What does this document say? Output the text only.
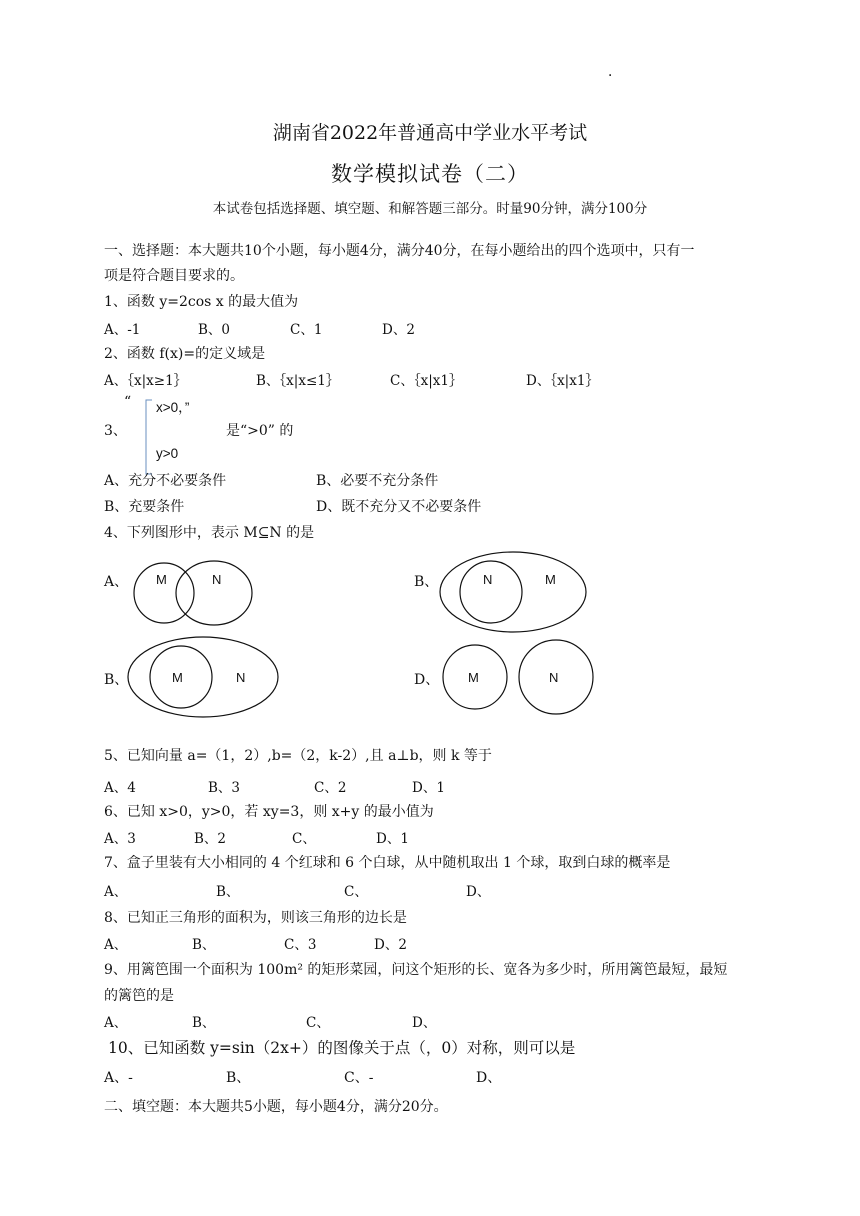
.
湖南省2022年普通高中学业水平考试
数学模拟试卷（二）
本试卷包括选择题、填空题、和解答题三部分。时量90分钟，满分100分
一、选择题：本大题共10个小题，每小题4分，满分40分，在每小题给出的四个选项中，只有一
项是符合题目要求的。
1、函数 y=2cos x 的最大值为
A、-1	B、0	C、1	D、2
2、函数 f(x)=的定义域是
A、｛x|x≥1｝	B、｛x|x≤1｝	C、｛x|x1｝	D、｛x|x1｝
“ x>0，”
3、	是“>0” 的
y>0
A、充分不必要条件	B、必要不充分条件
B、充要条件	D、既不充分又不必要条件
4、下列图形中，表示 M⊆N 的是
A、	B、
B、	D、
M	N	N	M
M	N	M	N
5、已知向量 a=（1，2）,b=（2，k-2）,且 a⊥b，则 k 等于
A、4	B、3	C、2	D、1
6、已知 x>0，y>0，若 xy=3，则 x+y 的最小值为
A、3	B、2	C、	D、1
7、盒子里装有大小相同的 4 个红球和 6 个白球，从中随机取出 1 个球，取到白球的概率是
A、	B、	C、	D、
8、已知正三角形的面积为，则该三角形的边长是
A、	B、	C、3	D、2
9、用篱笆围一个面积为 100m² 的矩形菜园，问这个矩形的长、宽各为多少时，所用篱笆最短，最短
的篱笆的是
A、	B、	C、	D、
10、已知函数 y=sin（2x+）的图像关于点（，0）对称，则可以是
A、-	B、	C、-	D、
二、填空题：本大题共5小题，每小题4分，满分20分。
